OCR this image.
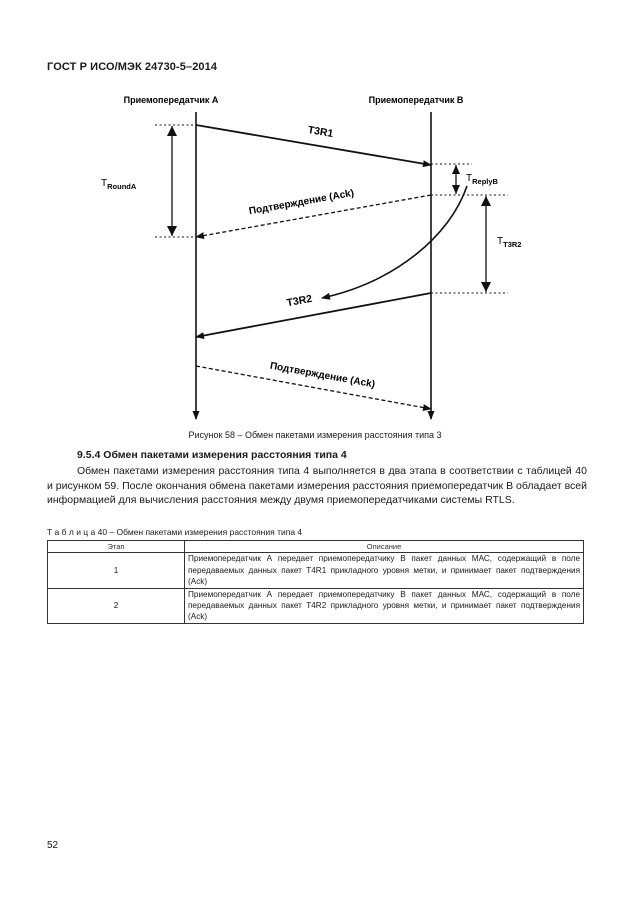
ГОСТ Р ИСО/МЭК 24730-5–2014
Приемопередатчик A	Приемопередатчик B
T3R1
Подтверждение (Ack)
T3R2
Подтверждение (Ack)
$T_{RoundA}$
$T_{ReplyB}$
$T_{T3R2}$
Рисунок 58 – Обмен пакетами измерения расстояния типа 3
9.5.4 Обмен пакетами измерения расстояния типа 4
Обмен пакетами измерения расстояния типа 4 выполняется в два этапа в соответствии с таблицей 40 и рисунком 59. После окончания обмена пакетами измерения расстояния приемопередатчик В обладает всей информацией для вычисления расстояния между двумя приемопередатчиками системы RTLS.
Т а б л и ц а 40 – Обмен пакетами измерения расстояния типа 4
Этап	Описание
1	Приемопередатчик А передает приемопередатчику В пакет данных МАС, содержащий в поле передаваемых данных пакет T4R1 прикладного уровня метки, и принимает пакет подтверждения (Ack)
2	Приемопередатчик А передает приемопередатчику В пакет данных МАС, содержащий в поле передаваемых данных пакет T4R2 прикладного уровня метки, и принимает пакет подтверждения (Ack)
52
